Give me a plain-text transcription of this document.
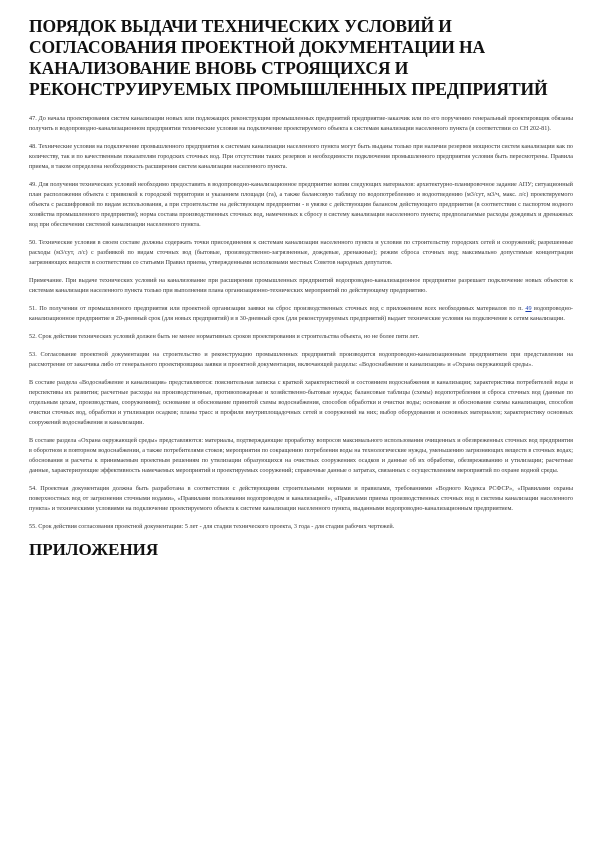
ПОРЯДОК ВЫДАЧИ ТЕХНИЧЕСКИХ УСЛОВИЙ И СОГЛАСОВАНИЯ ПРОЕКТНОЙ ДОКУМЕНТАЦИИ НА КАНАЛИЗОВАНИЕ ВНОВЬ СТРОЯЩИХСЯ И РЕКОНСТРУИРУЕМЫХ ПРОМЫШЛЕННЫХ ПРЕДПРИЯТИЙ

47. До начала проектирования систем канализации новых или подлежащих реконструкции промышленных предприятий предприятие-заказчик или по его поручению генеральный проектировщик обязаны получить в водопроводно-канализационном предприятии технические условия на подключение проектируемого объекта к системам канализации населенного пункта (в соответствии со СН 202-81).

48. Технические условия на подключение промышленного предприятия к системам канализации населенного пункта могут быть выданы только при наличии резервов мощности систем канализации как по количеству, так и по качественным показателям городских сточных вод. При отсутствии таких резервов и необходимости подключения промышленного предприятия условия быть пересмотрены. Правила приема, в таком определена необходимость расширения систем канализации населенного пункта.

49. Для получения технических условий необходимо предоставить в водопроводно-канализационное предприятие копии следующих материалов: архитектурно-планировочное задание АПУ; ситуационный план расположения объекта с привязкой к городской территории и указанием площади (га), а также балансовую таблицу по водопотреблению и водоотведению (м3/сут, м3/ч, макс. л/с) проектируемого объекта с расшифровкой по видам использования, а при строительстве на действующем предприятии - в увязке с действующим балансом действующего предприятия (в соответствии с паспортом водного хозяйства промышленного предприятия); норма состава производственных сточных вод, намеченных к сбросу в систему канализации населенного пункта; предполагаемые расходы дождевых и дренажных вод при обеспечении системой канализации населенного пункта.

50. Технические условия в своем составе должны содержать точки присоединения к системам канализации населенного пункта и условия по строительству городских сетей и сооружений; разрешенные расходы (м3/сут, л/с) с разбивкой по видам сточных вод (бытовые, производственно-загрязненные, дождевые, дренажные); режим сброса сточных вод; максимально допустимые концентрации загрязняющих веществ в соответствии со статьями Правил приема, утвержденными исполкомами местных Советов народных депутатов.

Примечание. При выдаче технических условий на канализование при расширении промышленных предприятий водопроводно-канализационное предприятие разрешает подключение новых объектов к системам канализации населенного пункта только при выполнении плана организационно-технических мероприятий по действующему предприятию.

51. По получении от промышленного предприятия или проектной организации заявки на сброс производственных сточных вод с приложением всех необходимых материалов по п. 49 водопроводно-канализационное предприятие в 20-дневный срок (для новых предприятий) и в 30-дневный срок (для реконструируемых предприятий) выдает технические условия на подключение к сетям канализации.

52. Срок действия технических условий должен быть не менее нормативных сроков проектирования и строительства объекта, но не более пяти лет.

53. Согласование проектной документации на строительство и реконструкцию промышленных предприятий производится водопроводно-канализационным предприятием при представлении на рассмотрение от заказчика либо от генерального проектировщика заявки и проектной документации, включающей разделы: «Водоснабжение и канализация» и «Охрана окружающей среды».

В составе раздела «Водоснабжение и канализация» представляются: пояснительная записка с краткой характеристикой и состоянием водоснабжения и канализации; характеристика потребителей воды и перспективы их развития; расчетные расходы на производственные, противопожарные и хозяйственно-бытовые нужды; балансовые таблицы (схемы) водопотребления и сброса сточных вод (данные по отдельным цехам, производствам, сооружениям); основание и обоснование принятой схемы водоснабжения, способов обработки и очистки воды; основание и обоснование схемы канализации, способов очистки сточных вод, обработки и утилизации осадков; планы трасс и профили внутриплощадочных сетей и сооружений на них; выбор оборудования и основных материалов; характеристику основных сооружений водоснабжения и канализации.

В составе раздела «Охрана окружающей среды» представляются: материалы, подтверждающие проработку вопросов максимального использования очищенных и обезвреженных сточных вод предприятия в оборотном и повторном водоснабжении, а также потребителями стоков; мероприятия по сокращению потребления воды на технологические нужды, уменьшению загрязняющих веществ в сточных водах; обоснования и расчеты к принимаемым проектным решениям по утилизации образующихся на очистных сооружениях осадков и данные об их обработке, обезвреживанию и утилизации; расчетные данные, характеризующие эффективность намечаемых мероприятий и проектируемых сооружений; справочные данные о затратах, связанных с осуществлением мероприятий по охране водной среды.

54. Проектная документация должна быть разработана в соответствии с действующими строительными нормами и правилами, требованиями «Водного Кодекса РСФСР», «Правилами охраны поверхностных вод от загрязнения сточными водами», «Правилами пользования водопроводом и канализацией», «Правилами приема производственных сточных вод в системы канализации населенного пункта» и техническими условиями на подключение проектируемого объекта к системе канализации населенного пункта, выданными водопроводно-канализационным предприятием.

55. Срок действия согласования проектной документации: 5 лет - для стадии технического проекта, 3 года - для стадии рабочих чертежей.

ПРИЛОЖЕНИЯ
